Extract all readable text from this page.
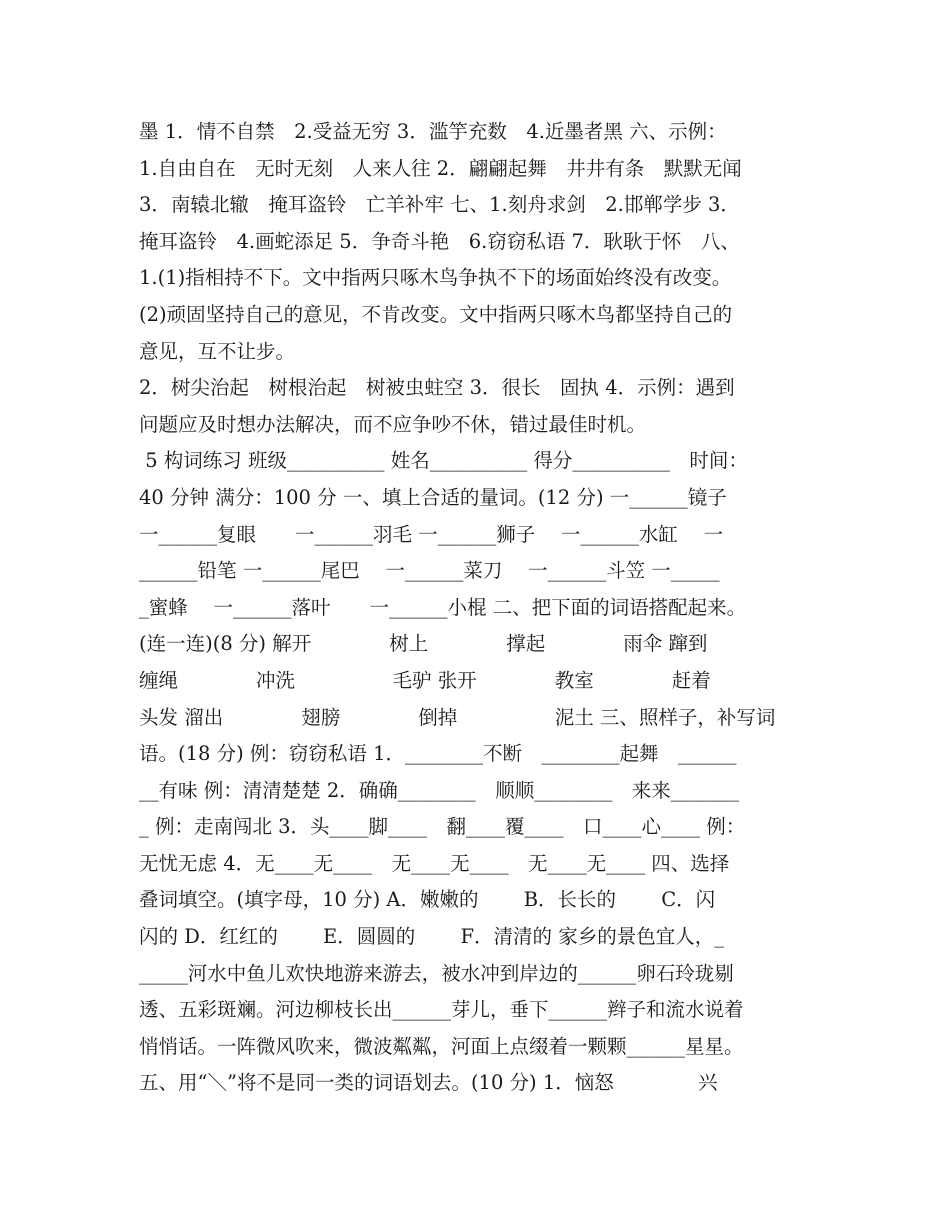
墨 1．情不自禁　2.受益无穷 3．滥竽充数　4.近墨者黑 六、示例：
1.自由自在　无时无刻　人来人往 2．翩翩起舞　井井有条　默默无闻
3．南辕北辙　掩耳盗铃　亡羊补牢 七、1.刻舟求剑　2.邯郸学步 3．
掩耳盗铃　4.画蛇添足 5．争奇斗艳　6.窃窃私语 7．耿耿于怀　八、
1.(1)指相持不下。文中指两只啄木鸟争执不下的场面始终没有改变。
(2)顽固坚持自己的意见，不肯改变。文中指两只啄木鸟都坚持自己的
意见，互不让步。
2．树尖治起　树根治起　树被虫蛀空 3．很长　固执 4．示例：遇到
问题应及时想办法解决，而不应争吵不休，错过最佳时机。
5 构词练习 班级__________ 姓名__________ 得分__________　时间：
40 分钟 满分：100 分 一、填上合适的量词。(12 分) 一______镜子
一______复眼　　一______羽毛 一______狮子　 一______水缸　 一
______铅笔 一______尾巴　 一______菜刀　 一______斗笠 一_____
_蜜蜂　 一______落叶　　一______小棍 二、把下面的词语搭配起来。
(连一连)(8 分) 解开　　　　树上　　　　撑起　　　　雨伞 蹿到
缠绳　　　　冲洗　　　　　毛驴 张开　　　　教室　　　　赶着
头发 溜出　　　　翅膀　　　　倒掉　　　　　泥土 三、照样子，补写词
语。(18 分) 例：窃窃私语 1．________不断　________起舞　______
__有味 例：清清楚楚 2．确确________　顺顺________　来来_______
_ 例：走南闯北 3．头____脚____　翻____覆____　口____心____ 例：
无忧无虑 4．无____无____　无____无____　无____无____ 四、选择
叠词填空。(填字母，10 分) A．嫩嫩的　　 B．长长的　　 C．闪
闪的 D．红红的　　 E．圆圆的　　 F．清清的 家乡的景色宜人，_
_____河水中鱼儿欢快地游来游去，被水冲到岸边的______卵石玲珑剔
透、五彩斑斓。河边柳枝长出______芽儿，垂下______辫子和流水说着
悄悄话。一阵微风吹来，微波粼粼，河面上点缀着一颗颗______星星。
五、用“＼”将不是同一类的词语划去。(10 分) 1．恼怒　　　　 兴
